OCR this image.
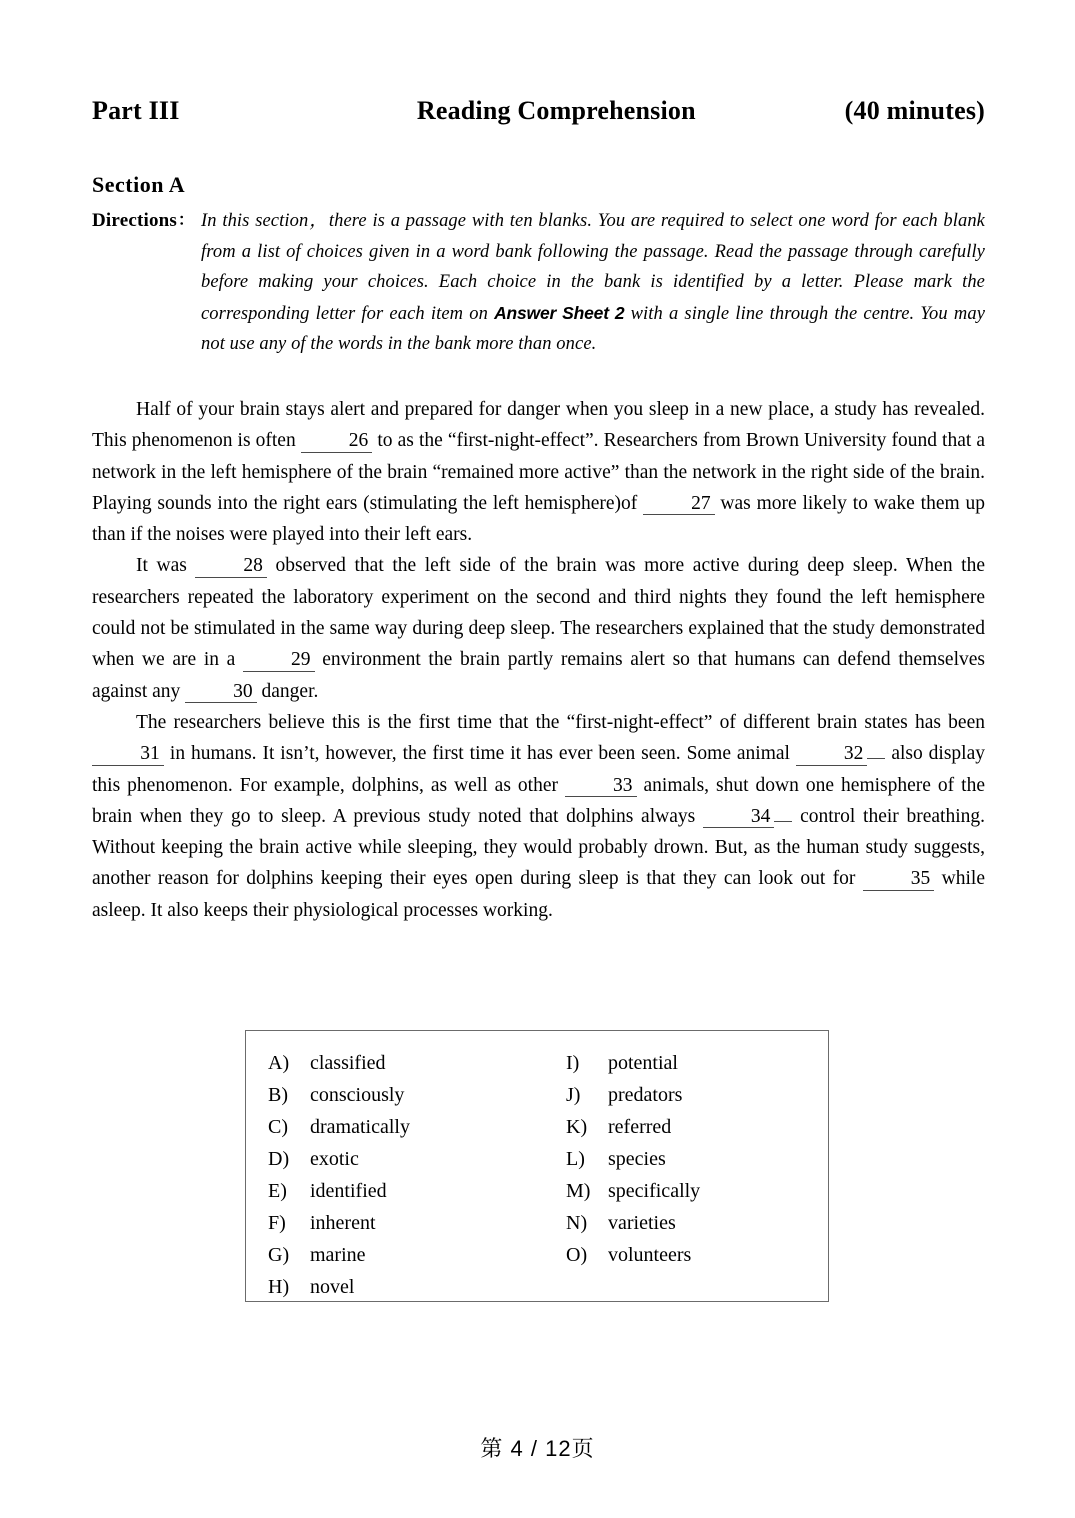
Part III	Reading Comprehension	(40 minutes)
Section A
Directions： In this section，there is a passage with ten blanks. You are required to select one word for each blank from a list of choices given in a word bank following the passage. Read the passage through carefully before making your choices. Each choice in the bank is identified by a letter. Please mark the corresponding letter for each item on Answer Sheet 2 with a single line through the centre. You may not use any of the words in the bank more than once.

Half of your brain stays alert and prepared for danger when you sleep in a new place, a study has revealed. This phenomenon is often 26 to as the “first-night-effect”. Researchers from Brown University found that a network in the left hemisphere of the brain “remained more active” than the network in the right side of the brain. Playing sounds into the right ears (stimulating the left hemisphere)of 27 was more likely to wake them up than if the noises were played into their left ears.

It was 28 observed that the left side of the brain was more active during deep sleep. When the researchers repeated the laboratory experiment on the second and third nights they found the left hemisphere could not be stimulated in the same way during deep sleep. The researchers explained that the study demonstrated when we are in a 29 environment the brain partly remains alert so that humans can defend themselves against any 30 danger.

The researchers believe this is the first time that the “first-night-effect” of different brain states has been 31 in humans. It isn’t, however, the first time it has ever been seen. Some animal 32 also display this phenomenon. For example, dolphins, as well as other 33 animals, shut down one hemisphere of the brain when they go to sleep. A previous study noted that dolphins always 34 control their breathing. Without keeping the brain active while sleeping, they would probably drown. But, as the human study suggests, another reason for dolphins keeping their eyes open during sleep is that they can look out for 35 while asleep. It also keeps their physiological processes working.

A)	classified
B)	consciously
C)	dramatically
D)	exotic
E)	identified
F)	inherent
G)	marine
H)	novel
I)	potential
J)	predators
K)	referred
L)	species
M) specifically
N)	varieties
O)	volunteers
第 4 / 12页
